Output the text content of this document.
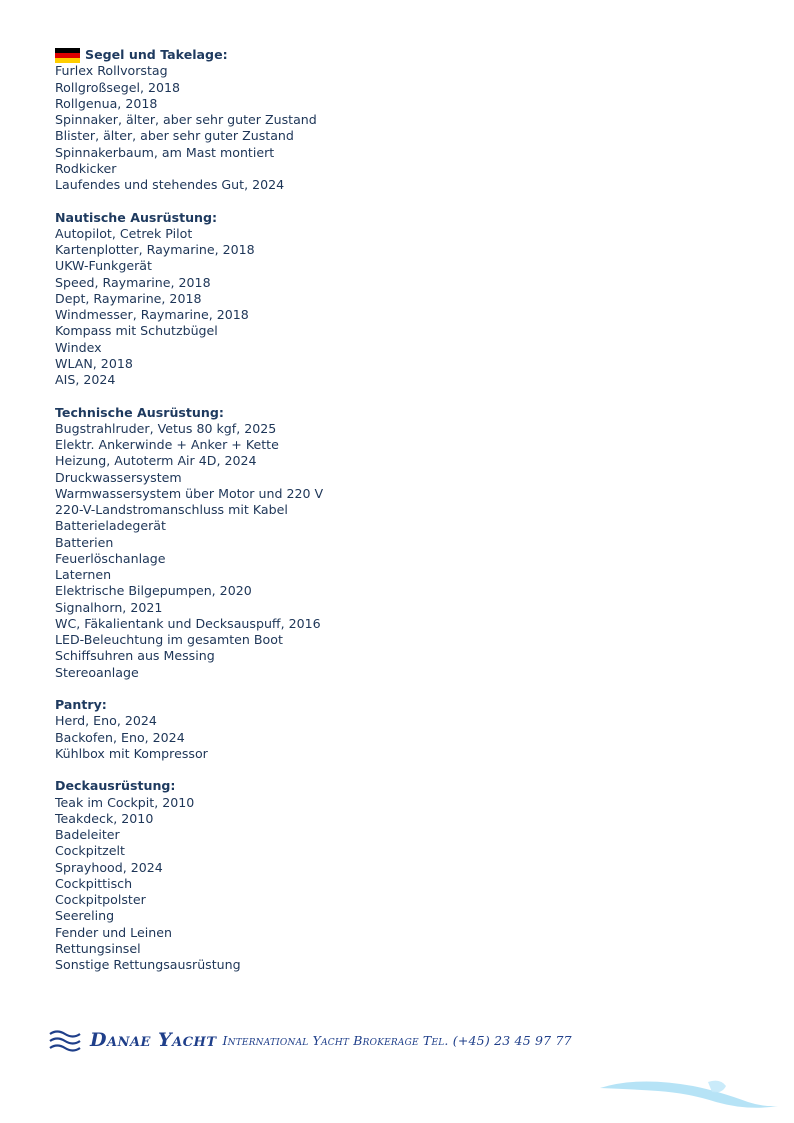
Segel und Takelage:
Furlex Rollvorstag
Rollgroßsegel, 2018
Rollgenua, 2018
Spinnaker, älter, aber sehr guter Zustand
Blister, älter, aber sehr guter Zustand
Spinnakerbaum, am Mast montiert
Rodkicker
Laufendes und stehendes Gut, 2024
Nautische Ausrüstung:
Autopilot, Cetrek Pilot
Kartenplotter, Raymarine, 2018
UKW-Funkgerät
Speed, Raymarine, 2018
Dept, Raymarine, 2018
Windmesser, Raymarine, 2018
Kompass mit Schutzbügel
Windex
WLAN, 2018
AIS, 2024
Technische Ausrüstung:
Bugstrahlruder, Vetus 80 kgf, 2025
Elektr. Ankerwinde + Anker + Kette
Heizung, Autoterm Air 4D, 2024
Druckwassersystem
Warmwassersystem über Motor und 220 V
220-V-Landstromanschluss mit Kabel
Batterieladegerät
Batterien
Feuerlöschanlage
Laternen
Elektrische Bilgepumpen, 2020
Signalhorn, 2021
WC, Fäkalientank und Decksauspuff, 2016
LED-Beleuchtung im gesamten Boot
Schiffsuhren aus Messing
Stereoanlage
Pantry:
Herd, Eno, 2024
Backofen, Eno, 2024
Kühlbox mit Kompressor
Deckausrüstung:
Teak im Cockpit, 2010
Teakdeck, 2010
Badeleiter
Cockpitzelt
Sprayhood, 2024
Cockpittisch
Cockpitpolster
Seereling
Fender und Leinen
Rettungsinsel
Sonstige Rettungsausrüstung
Danae Yacht International Yacht Brokerage Tel. (+45) 23 45 97 77
